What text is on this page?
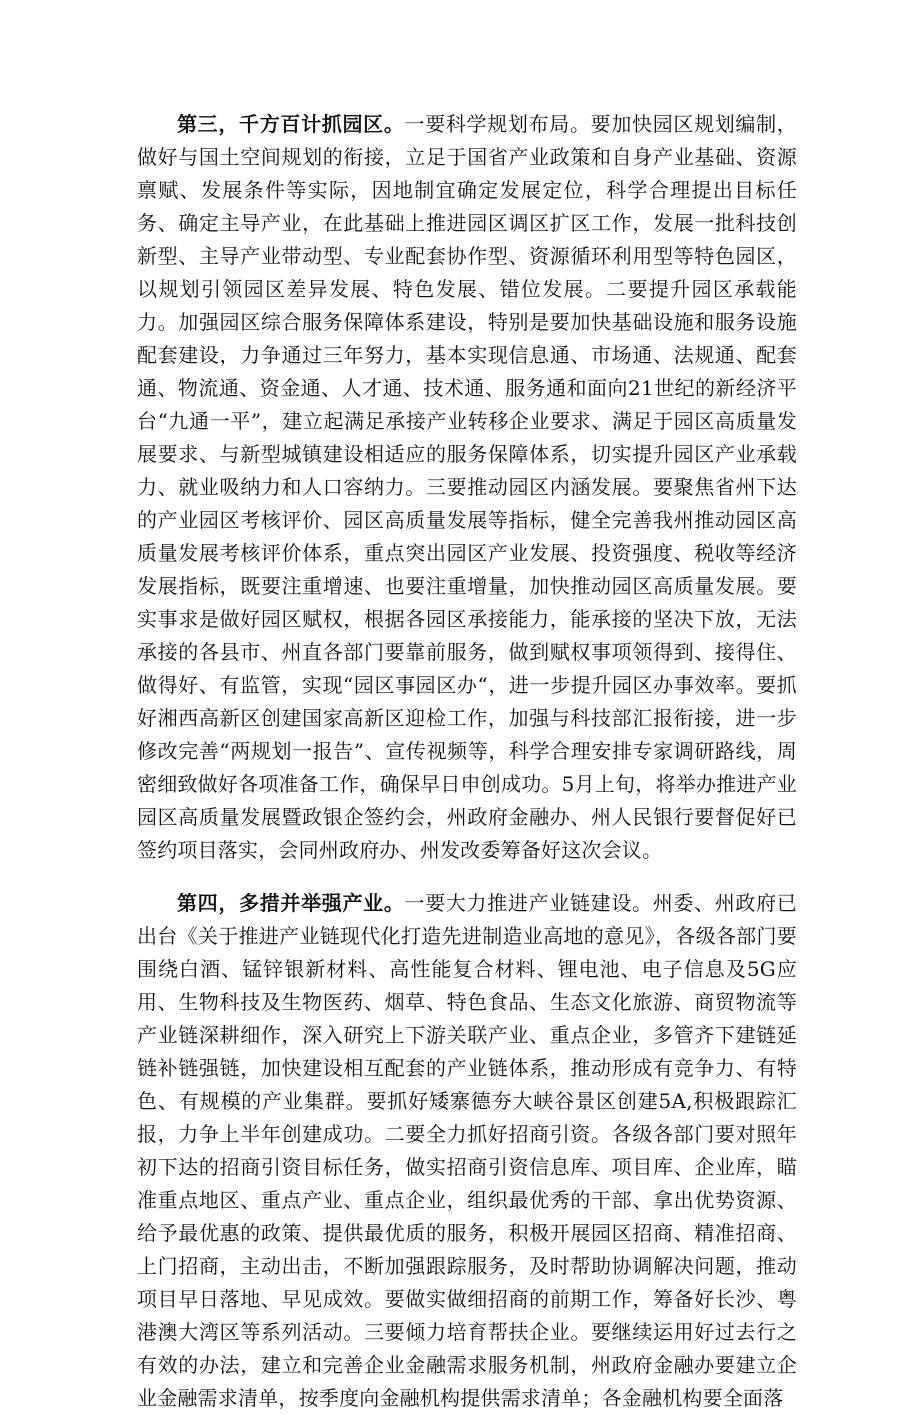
第三，千方百计抓园区。一要科学规划布局。要加快园区规划编制，做好与国土空间规划的衔接，立足于国省产业政策和自身产业基础、资源禀赋、发展条件等实际，因地制宜确定发展定位，科学合理提出目标任务、确定主导产业，在此基础上推进园区调区扩区工作，发展一批科技创新型、主导产业带动型、专业配套协作型、资源循环利用型等特色园区，以规划引领园区差异发展、特色发展、错位发展。二要提升园区承载能力。加强园区综合服务保障体系建设，特别是要加快基础设施和服务设施配套建设，力争通过三年努力，基本实现信息通、市场通、法规通、配套通、物流通、资金通、人才通、技术通、服务通和面向21世纪的新经济平台“九通一平”，建立起满足承接产业转移企业要求、满足于园区高质量发展要求、与新型城镇建设相适应的服务保障体系，切实提升园区产业承载力、就业吸纳力和人口容纳力。三要推动园区内涵发展。要聚焦省州下达的产业园区考核评价、园区高质量发展等指标，健全完善我州推动园区高质量发展考核评价体系，重点突出园区产业发展、投资强度、税收等经济发展指标，既要注重增速、也要注重增量，加快推动园区高质量发展。要实事求是做好园区赋权，根据各园区承接能力，能承接的坚决下放，无法承接的各县市、州直各部门要靠前服务，做到赋权事项领得到、接得住、做得好、有监管，实现“园区事园区办“，进一步提升园区办事效率。要抓好湘西高新区创建国家高新区迎检工作，加强与科技部汇报衔接，进一步修改完善“两规划一报告”、宣传视频等，科学合理安排专家调研路线，周密细致做好各项准备工作，确保早日申创成功。5月上旬，将举办推进产业园区高质量发展暨政银企签约会，州政府金融办、州人民银行要督促好已签约项目落实，会同州政府办、州发改委筹备好这次会议。

第四，多措并举强产业。一要大力推进产业链建设。州委、州政府已出台《关于推进产业链现代化打造先进制造业高地的意见》，各级各部门要围绕白酒、锰锌银新材料、高性能复合材料、锂电池、电子信息及5G应用、生物科技及生物医药、烟草、特色食品、生态文化旅游、商贸物流等产业链深耕细作，深入研究上下游关联产业、重点企业，多管齐下建链延链补链强链，加快建设相互配套的产业链体系，推动形成有竞争力、有特色、有规模的产业集群。要抓好矮寨德夯大峡谷景区创建5A,积极跟踪汇报，力争上半年创建成功。二要全力抓好招商引资。各级各部门要对照年初下达的招商引资目标任务，做实招商引资信息库、项目库、企业库，瞄准重点地区、重点产业、重点企业，组织最优秀的干部、拿出优势资源、给予最优惠的政策、提供最优质的服务，积极开展园区招商、精准招商、上门招商，主动出击，不断加强跟踪服务，及时帮助协调解决问题，推动项目早日落地、早见成效。要做实做细招商的前期工作，筹备好长沙、粤港澳大湾区等系列活动。三要倾力培育帮扶企业。要继续运用好过去行之有效的办法，建立和完善企业金融需求服务机制，州政府金融办要建立企业金融需求清单，按季度向金融机构提供需求清单；各金融机构要全面落
